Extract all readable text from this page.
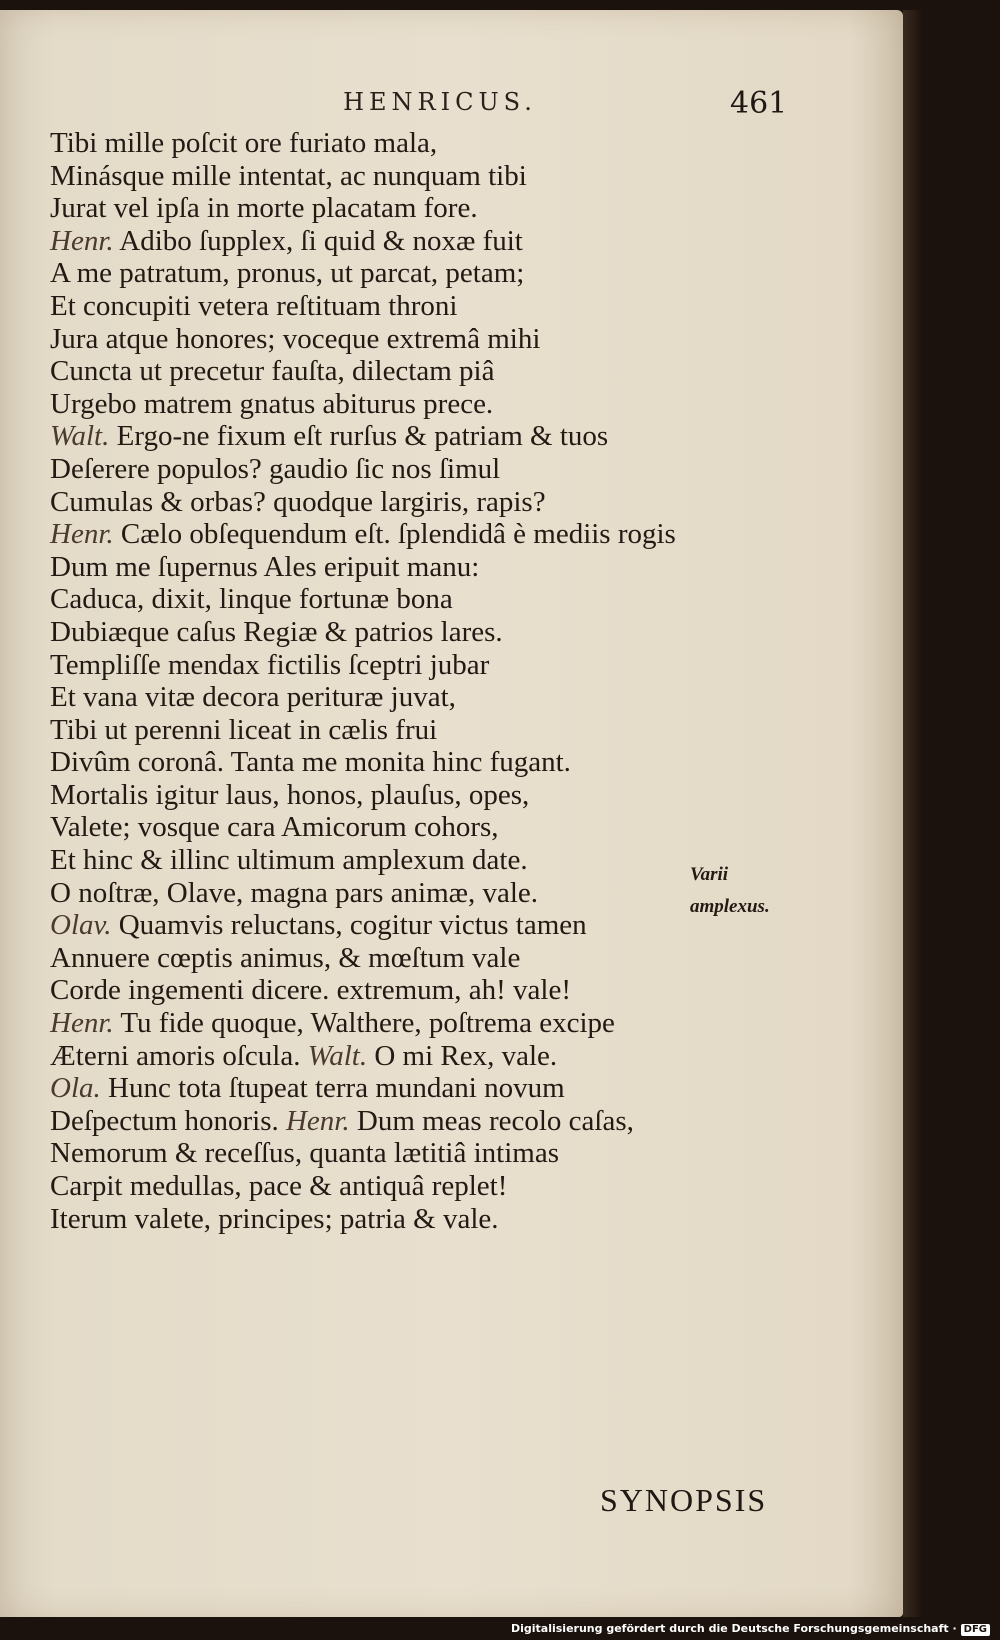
HENRICUS.	461
Tibi mille poſcit ore furiato mala,
Minásque mille intentat, ac nunquam tibi
Jurat vel ipſa in morte placatam fore.
Henr. Adibo ſupplex, ſi quid & noxæ fuit
A me patratum, pronus, ut parcat, petam;
Et concupiti vetera reſtituam throni
Jura atque honores; voceque extremâ mihi
Cuncta ut precetur fauſta, dilectam piâ
Urgebo matrem gnatus abiturus prece.
Walt. Ergo-ne fixum eſt rurſus & patriam & tuos
Deſerere populos? gaudio ſic nos ſimul
Cumulas & orbas? quodque largiris, rapis?
Henr. Cælo obſequendum eſt. ſplendidâ è mediis rogis
Dum me ſupernus Ales eripuit manu:
Caduca, dixit, linque fortunæ bona
Dubiæque caſus Regiæ & patrios lares.
Templiſſe mendax fictilis ſceptri jubar
Et vana vitæ decora perituræ juvat,
Tibi ut perenni liceat in cælis frui
Divûm coronâ. Tanta me monita hinc fugant.
Mortalis igitur laus, honos, plauſus, opes,
Valete; vosque cara Amicorum cohors,
Et hinc & illinc ultimum amplexum date.
O noſtræ, Olave, magna pars animæ, vale.
Olav. Quamvis reluctans, cogitur victus tamen
Annuere cœptis animus, & mœſtum vale
Corde ingementi dicere. extremum, ah! vale!
Henr. Tu fide quoque, Walthere, poſtrema excipe
Æterni amoris oſcula. Walt. O mi Rex, vale.
Ola. Hunc tota ſtupeat terra mundani novum
Deſpectum honoris. Henr. Dum meas recolo caſas,
Nemorum & receſſus, quanta lætitiâ intimas
Carpit medullas, pace & antiquâ replet!
Iterum valete, principes; patria & vale.
Varii
amplexus.
SYNOPSIS
Digitalisierung gefördert durch die Deutsche Forschungsgemeinschaft · DFG
